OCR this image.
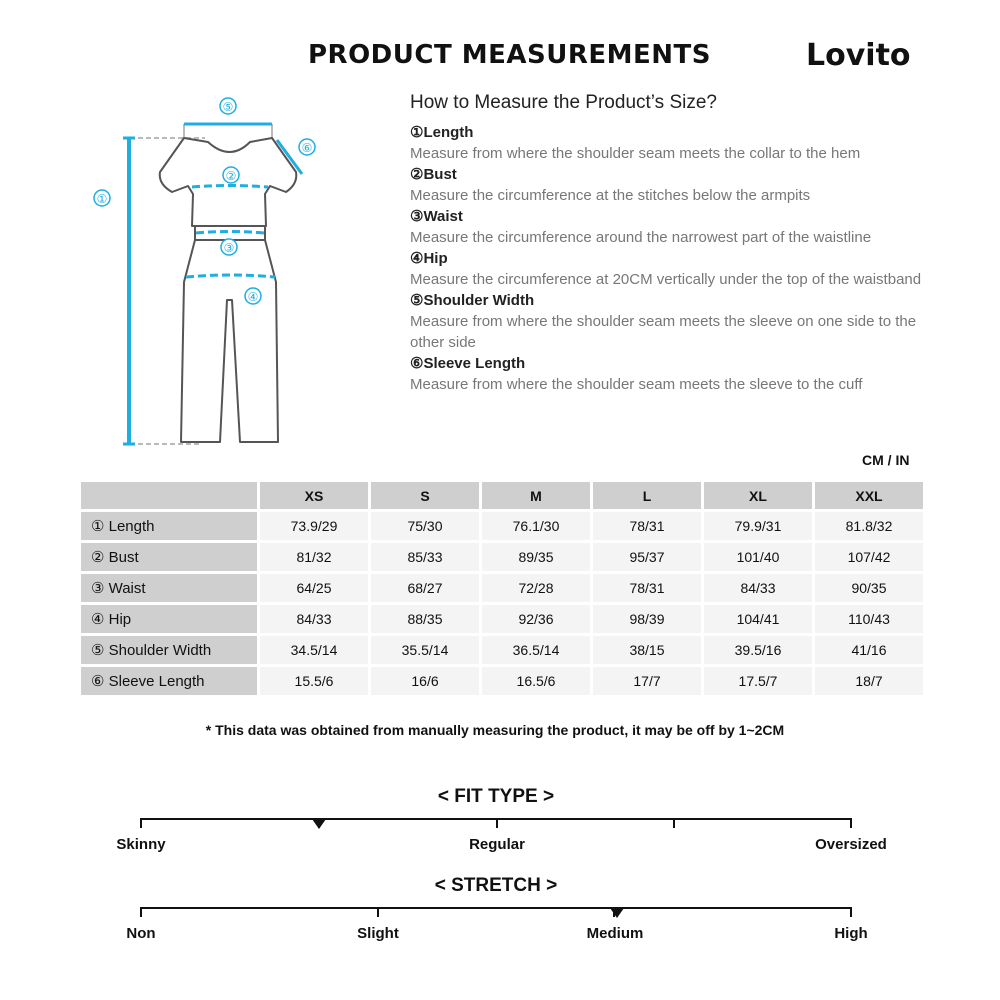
PRODUCT MEASUREMENTS	Lovito
①
⑤
⑥
②
③
④
How to Measure the Product’s Size?
①Length
Measure from where the shoulder seam meets the collar to the hem
②Bust
Measure the circumference at the stitches below the armpits
③Waist
Measure the circumference around the narrowest part of the waistline
④Hip
Measure the circumference at 20CM vertically under the top of the waistband
⑤Shoulder Width
Measure from where the shoulder seam meets the sleeve on one side to the other side
⑥Sleeve Length
Measure from where the shoulder seam meets the sleeve to the cuff
CM / IN
	XS	S	M	L	XL	XXL
① Length	73.9/29	75/30	76.1/30	78/31	79.9/31	81.8/32
② Bust	81/32	85/33	89/35	95/37	101/40	107/42
③ Waist	64/25	68/27	72/28	78/31	84/33	90/35
④ Hip	84/33	88/35	92/36	98/39	104/41	110/43
⑤ Shoulder Width	34.5/14	35.5/14	36.5/14	38/15	39.5/16	41/16
⑥ Sleeve Length	15.5/6	16/6	16.5/6	17/7	17.5/7	18/7
* This data was obtained from manually measuring the product, it may be off by 1~2CM
< FIT TYPE >
Skinny	Regular	Oversized
< STRETCH >
Non	Slight	Medium	High
